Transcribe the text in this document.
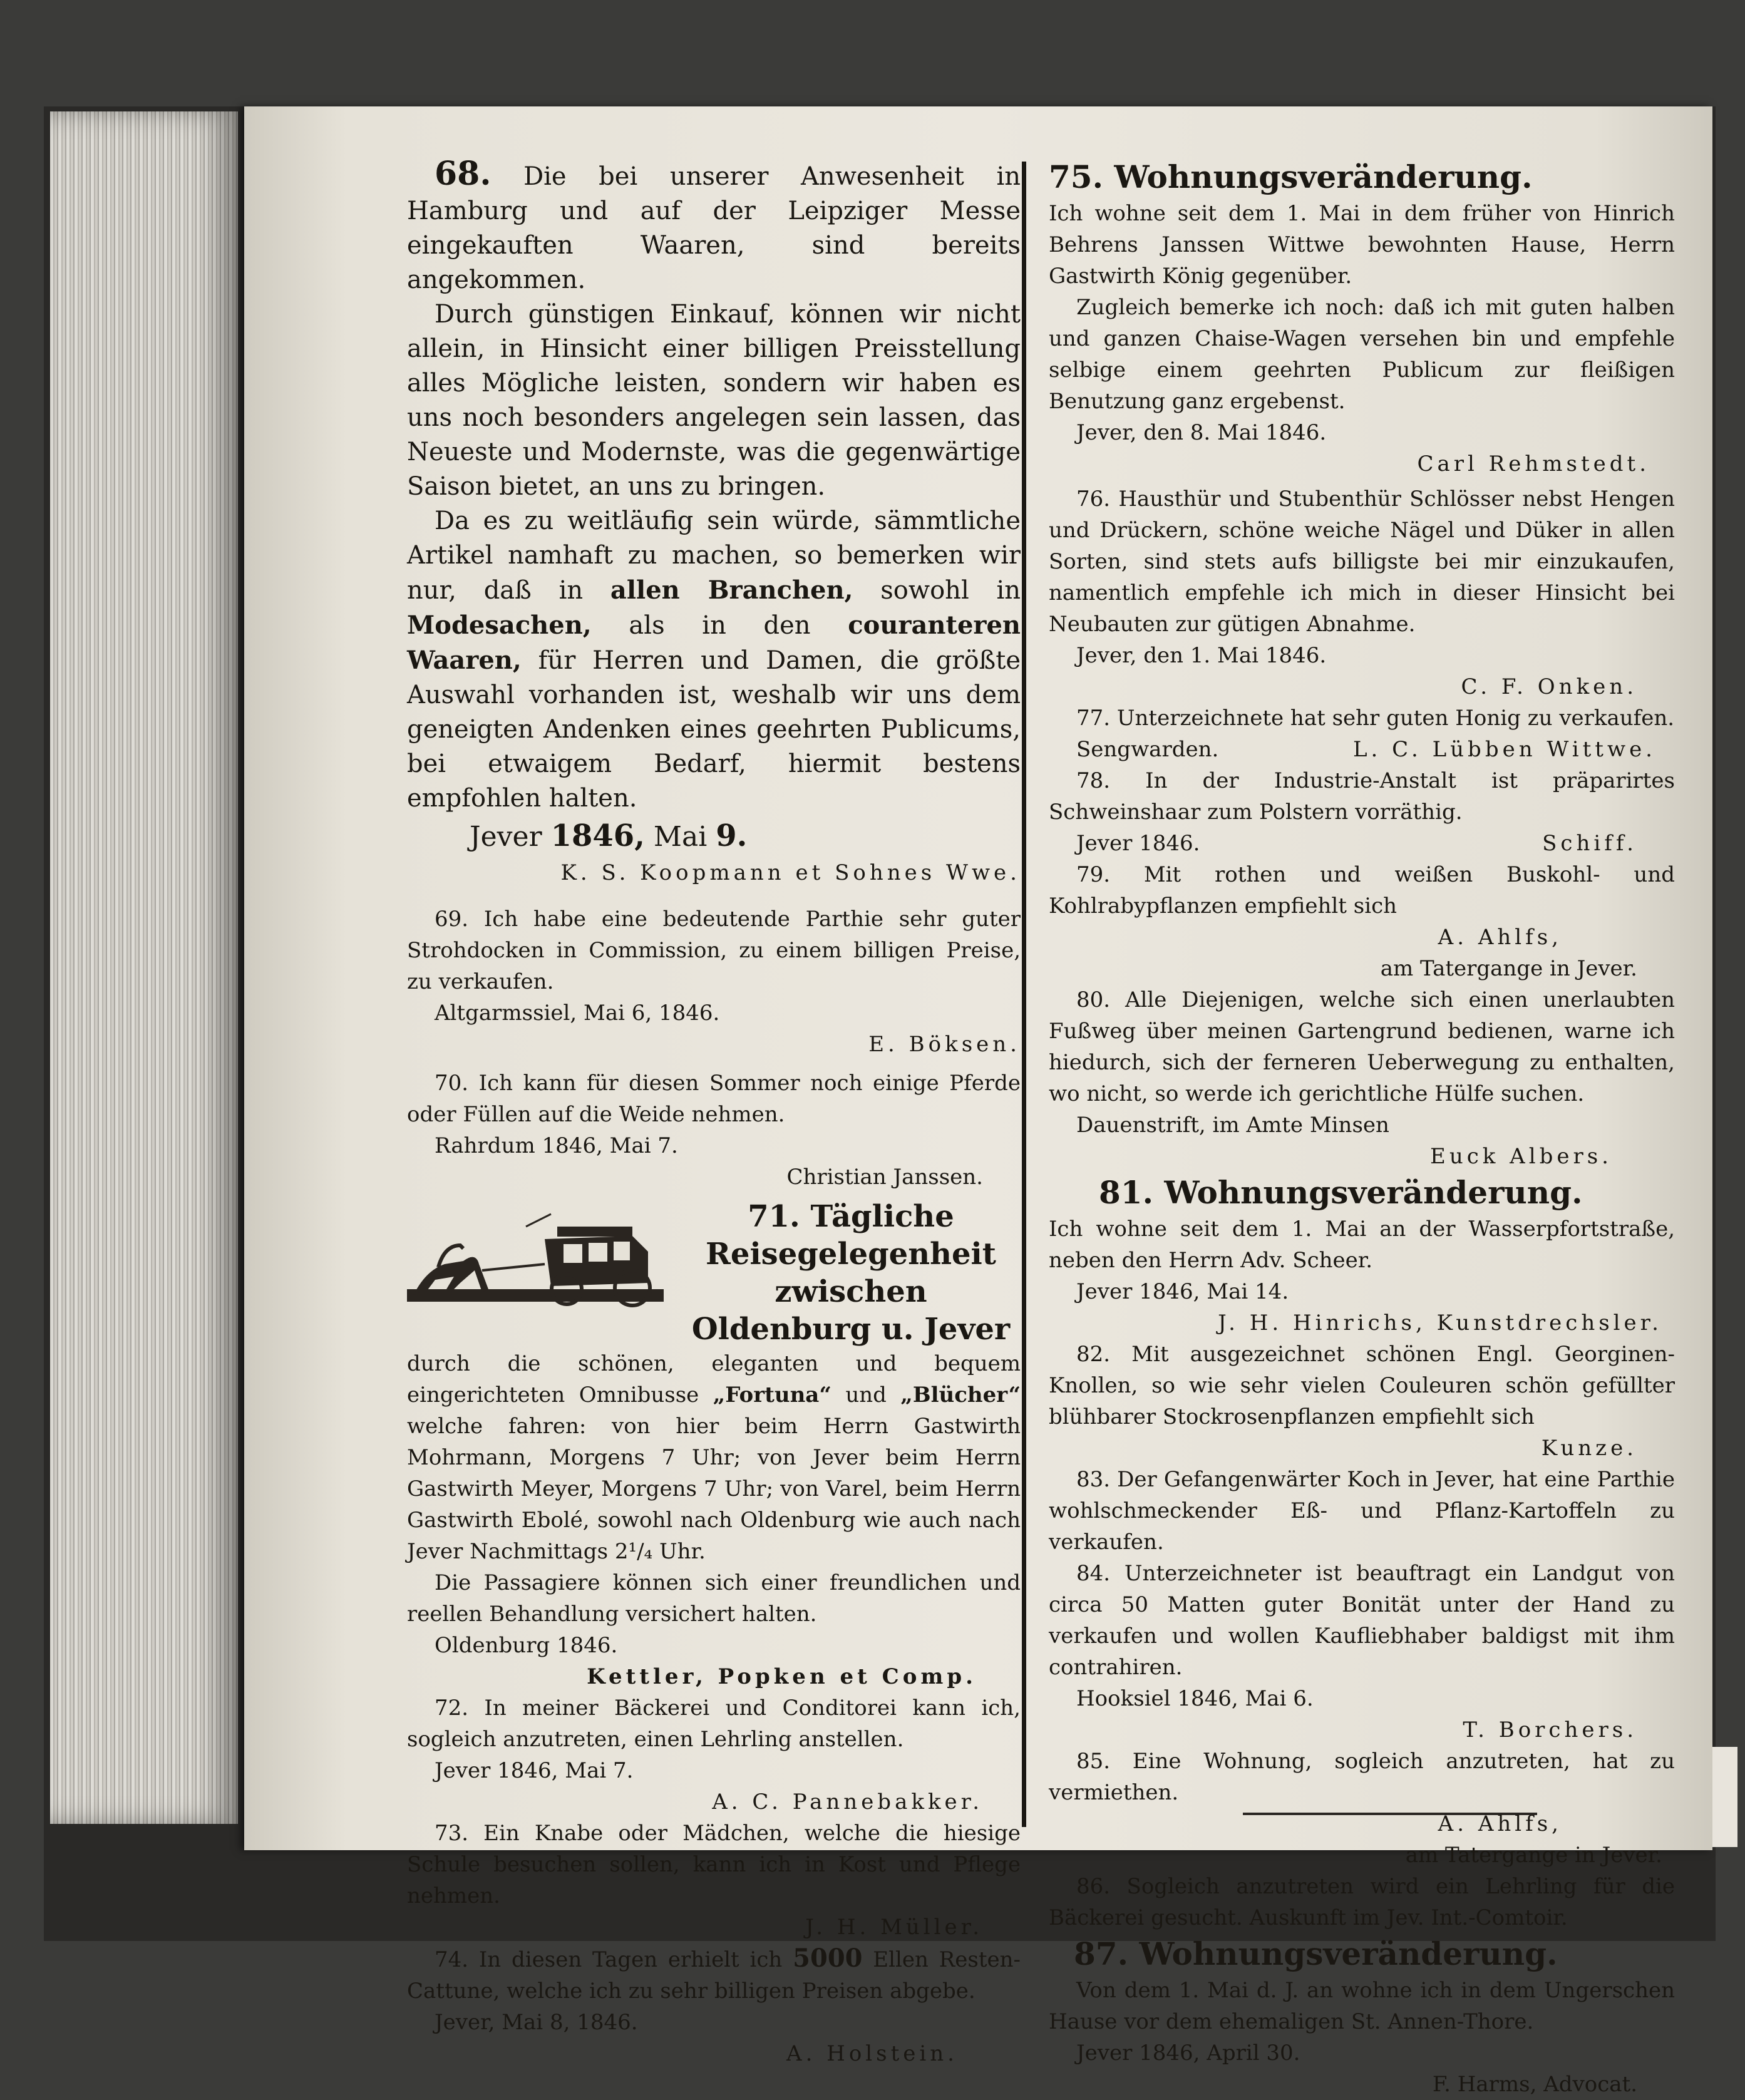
68. Die bei unserer Anwesenheit in Hamburg und auf der Leipziger Messe eingekauften Waaren, sind bereits angekommen.

Durch günstigen Einkauf, können wir nicht allein, in Hinsicht einer billigen Preisstellung alles Mögliche leisten, sondern wir haben es uns noch besonders angelegen sein lassen, das Neueste und Modernste, was die gegenwärtige Saison bietet, an uns zu bringen.

Da es zu weitläufig sein würde, sämmtliche Artikel namhaft zu machen, so bemerken wir nur, daß in allen Branchen, sowohl in Modesachen, als in den couranteren Waaren, für Herren und Damen, die größte Auswahl vorhanden ist, weshalb wir uns dem geneigten Andenken eines geehrten Publicums, bei etwaigem Bedarf, hiermit bestens empfohlen halten.

Jever 1846, Mai 9.

K. S. Koopmann et Sohnes Wwe.

69. Ich habe eine bedeutende Parthie sehr guter Strohdocken in Commission, zu einem billigen Preise, zu verkaufen.

Altgarmssiel, Mai 6, 1846.

E. Böksen.

70. Ich kann für diesen Sommer noch einige Pferde oder Füllen auf die Weide nehmen.

Rahrdum 1846, Mai 7.

Christian Janssen.

71. Tägliche Reisegelegenheit zwischen Oldenburg u. Jever

durch die schönen, eleganten und bequem eingerichteten Omnibusse „Fortuna“ und „Blücher“ welche fahren: von hier beim Herrn Gastwirth Mohrmann, Morgens 7 Uhr; von Jever beim Herrn Gastwirth Meyer, Morgens 7 Uhr; von Varel, beim Herrn Gastwirth Ebolé, sowohl nach Oldenburg wie auch nach Jever Nachmittags 2¹/₄ Uhr.

Die Passagiere können sich einer freundlichen und reellen Behandlung versichert halten.

Oldenburg 1846.

Kettler, Popken et Comp.

72. In meiner Bäckerei und Conditorei kann ich, sogleich anzutreten, einen Lehrling anstellen.

Jever 1846, Mai 7.

A. C. Pannebakker.

73. Ein Knabe oder Mädchen, welche die hiesige Schule besuchen sollen, kann ich in Kost und Pflege nehmen.

J. H. Müller.

74. In diesen Tagen erhielt ich 5000 Ellen Resten-Cattune, welche ich zu sehr billigen Preisen abgebe.

Jever, Mai 8, 1846.

A. Holstein.

75. Wohnungsveränderung.

Ich wohne seit dem 1. Mai in dem früher von Hinrich Behrens Janssen Wittwe bewohnten Hause, Herrn Gastwirth König gegenüber.

Zugleich bemerke ich noch: daß ich mit guten halben und ganzen Chaise-Wagen versehen bin und empfehle selbige einem geehrten Publicum zur fleißigen Benutzung ganz ergebenst.

Jever, den 8. Mai 1846.

Carl Rehmstedt.

76. Hausthür und Stubenthür Schlösser nebst Hengen und Drückern, schöne weiche Nägel und Düker in allen Sorten, sind stets aufs billigste bei mir einzukaufen, namentlich empfehle ich mich in dieser Hinsicht bei Neubauten zur gütigen Abnahme.

Jever, den 1. Mai 1846.

C. F. Onken.

77. Unterzeichnete hat sehr guten Honig zu verkaufen.

Sengwarden.	L. C. Lübben Wittwe.

78. In der Industrie-Anstalt ist präparirtes Schweinshaar zum Polstern vorräthig.

Jever 1846.	Schiff.

79. Mit rothen und weißen Buskohl- und Kohlrabypflanzen empfiehlt sich

A. Ahlfs,

am Tatergange in Jever.

80. Alle Diejenigen, welche sich einen unerlaubten Fußweg über meinen Gartengrund bedienen, warne ich hiedurch, sich der ferneren Ueberwegung zu enthalten, wo nicht, so werde ich gerichtliche Hülfe suchen.

Dauenstrift, im Amte Minsen

Euck Albers.

81. Wohnungsveränderung.

Ich wohne seit dem 1. Mai an der Wasserpfortstraße, neben den Herrn Adv. Scheer.

Jever 1846, Mai 14.

J. H. Hinrichs, Kunstdrechsler.

82. Mit ausgezeichnet schönen Engl. Georginen-Knollen, so wie sehr vielen Couleuren schön gefüllter blühbarer Stockrosenpflanzen empfiehlt sich

Kunze.

83. Der Gefangenwärter Koch in Jever, hat eine Parthie wohlschmeckender Eß- und Pflanz-Kartoffeln zu verkaufen.

84. Unterzeichneter ist beauftragt ein Landgut von circa 50 Matten guter Bonität unter der Hand zu verkaufen und wollen Kaufliebhaber baldigst mit ihm contrahiren.

Hooksiel 1846, Mai 6.

T. Borchers.

85. Eine Wohnung, sogleich anzutreten, hat zu vermiethen.

A. Ahlfs,

am Tatergange in Jever.

86. Sogleich anzutreten wird ein Lehrling für die Bäckerei gesucht. Auskunft im Jev. Int.-Comtoir.

87. Wohnungsveränderung.

Von dem 1. Mai d. J. an wohne ich in dem Ungerschen Hause vor dem ehemaligen St. Annen-Thore.

Jever 1846, April 30.

F. Harms, Advocat.
